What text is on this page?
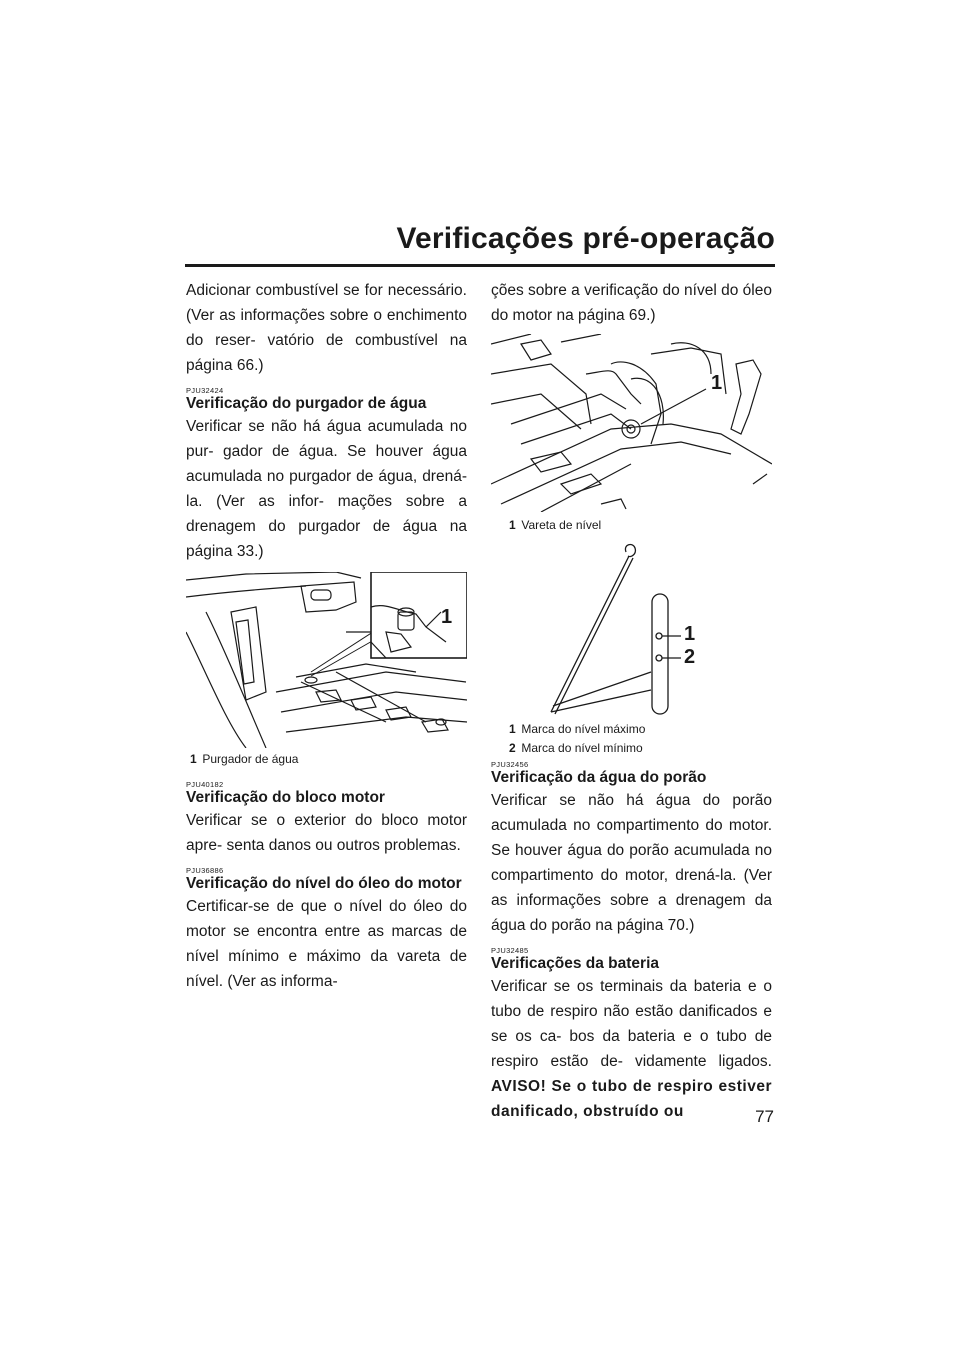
Verificações pré-operação

Adicionar combustível se for necessário. (Ver as informações sobre o enchimento do reser- vatório de combustível na página 66.)

PJU32424
Verificação do purgador de água

Verificar se não há água acumulada no pur- gador de água. Se houver água acumulada no purgador de água, drená-la. (Ver as infor- mações sobre a drenagem do purgador de água na página 33.)

1
1 Purgador de água
PJU40182
Verificação do bloco motor

Verificar se o exterior do bloco motor apre- senta danos ou outros problemas.

PJU36886
Verificação do nível do óleo do motor

Certificar-se de que o nível do óleo do motor se encontra entre as marcas de nível mínimo e máximo da vareta de nível. (Ver as informa-

ções sobre a verificação do nível do óleo do motor na página 69.)

1
1 Vareta de nível
1
2
1 Marca do nível máximo
2 Marca do nível mínimo
PJU32456
Verificação da água do porão

Verificar se não há água do porão acumulada no compartimento do motor. Se houver água do porão acumulada no compartimento do motor, drená-la. (Ver as informações sobre a drenagem da água do porão na página 70.)

PJU32485
Verificações da bateria

Verificar se os terminais da bateria e o tubo de respiro não estão danificados e se os ca- bos da bateria e o tubo de respiro estão de- vidamente ligados. AVISO! Se o tubo de respiro estiver danificado, obstruído ou	77
